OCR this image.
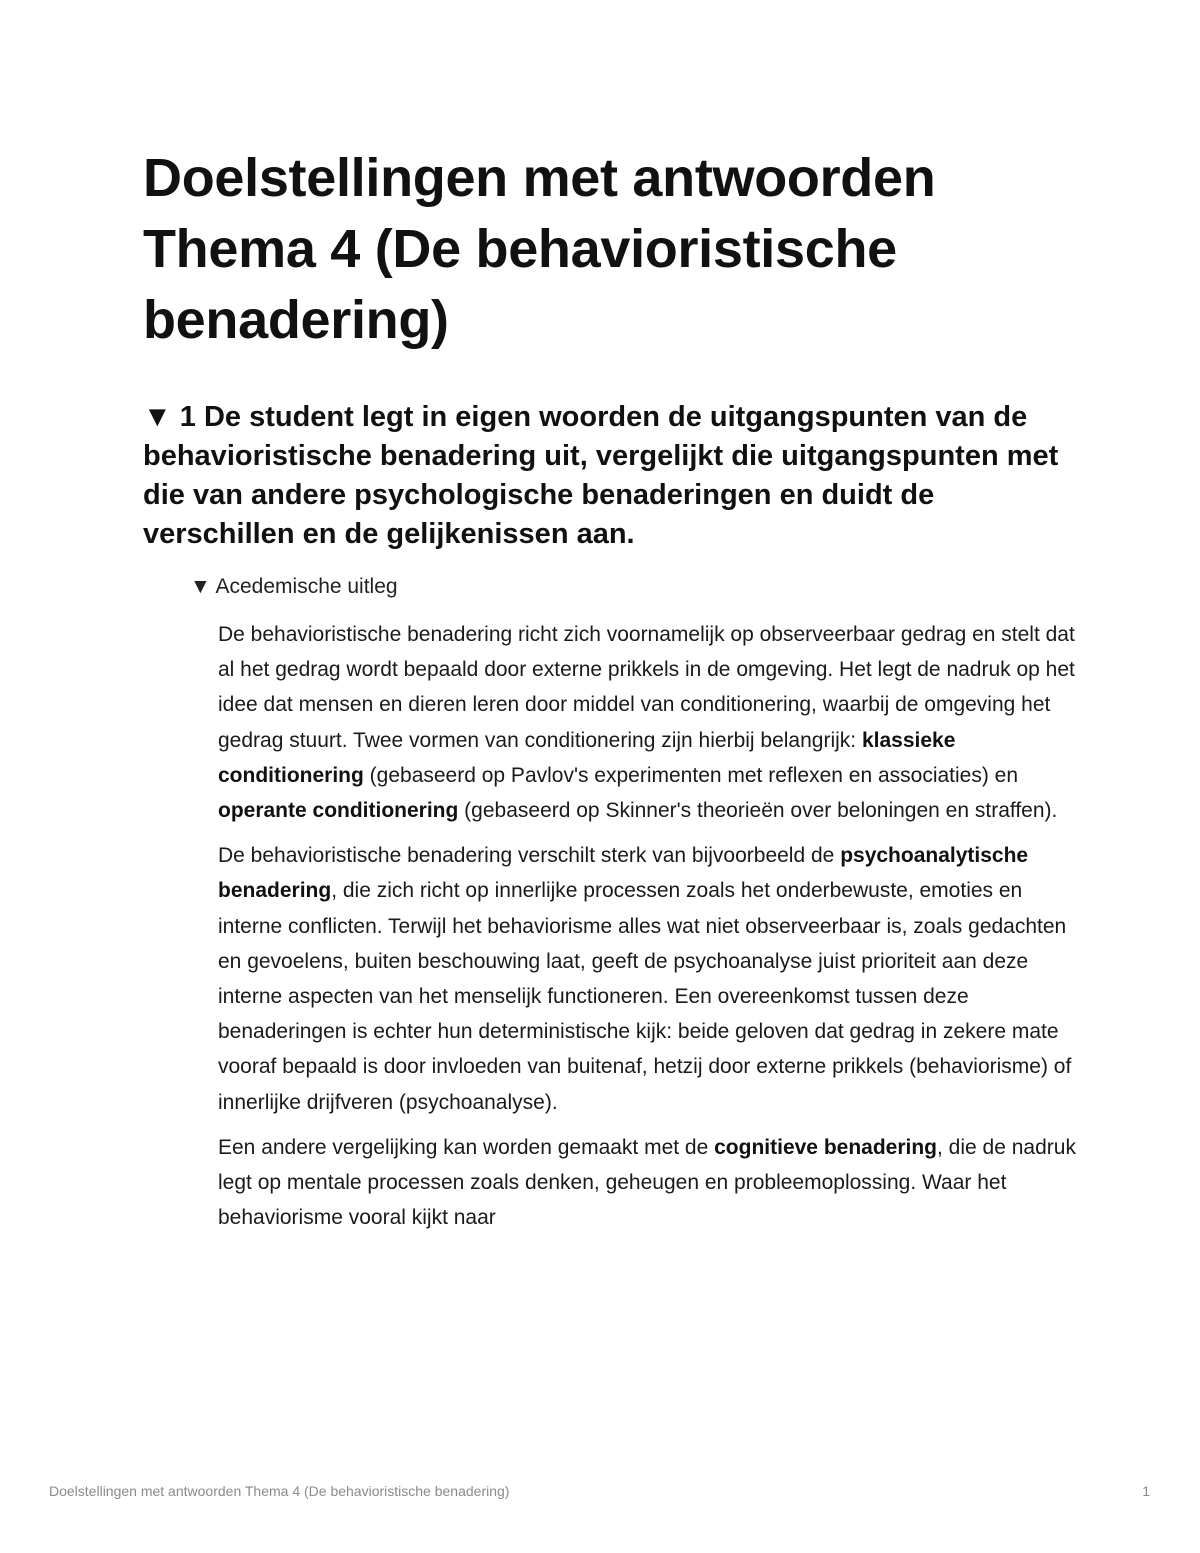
Doelstellingen met antwoorden Thema 4 (De behavioristische benadering)
▼ 1 De student legt in eigen woorden de uitgangspunten van de behavioristische benadering uit, vergelijkt die uitgangspunten met die van andere psychologische benaderingen en duidt de verschillen en de gelijkenissen aan.
▼ Acedemische uitleg

De behavioristische benadering richt zich voornamelijk op observeerbaar gedrag en stelt dat al het gedrag wordt bepaald door externe prikkels in de omgeving. Het legt de nadruk op het idee dat mensen en dieren leren door middel van conditionering, waarbij de omgeving het gedrag stuurt. Twee vormen van conditionering zijn hierbij belangrijk: klassieke conditionering (gebaseerd op Pavlov's experimenten met reflexen en associaties) en operante conditionering (gebaseerd op Skinner's theorieën over beloningen en straffen).

De behavioristische benadering verschilt sterk van bijvoorbeeld de psychoanalytische benadering, die zich richt op innerlijke processen zoals het onderbewuste, emoties en interne conflicten. Terwijl het behaviorisme alles wat niet observeerbaar is, zoals gedachten en gevoelens, buiten beschouwing laat, geeft de psychoanalyse juist prioriteit aan deze interne aspecten van het menselijk functioneren. Een overeenkomst tussen deze benaderingen is echter hun deterministische kijk: beide geloven dat gedrag in zekere mate vooraf bepaald is door invloeden van buitenaf, hetzij door externe prikkels (behaviorisme) of innerlijke drijfveren (psychoanalyse).

Een andere vergelijking kan worden gemaakt met de cognitieve benadering, die de nadruk legt op mentale processen zoals denken, geheugen en probleemoplossing. Waar het behaviorisme vooral kijkt naar

Doelstellingen met antwoorden Thema 4 (De behavioristische benadering)	1
